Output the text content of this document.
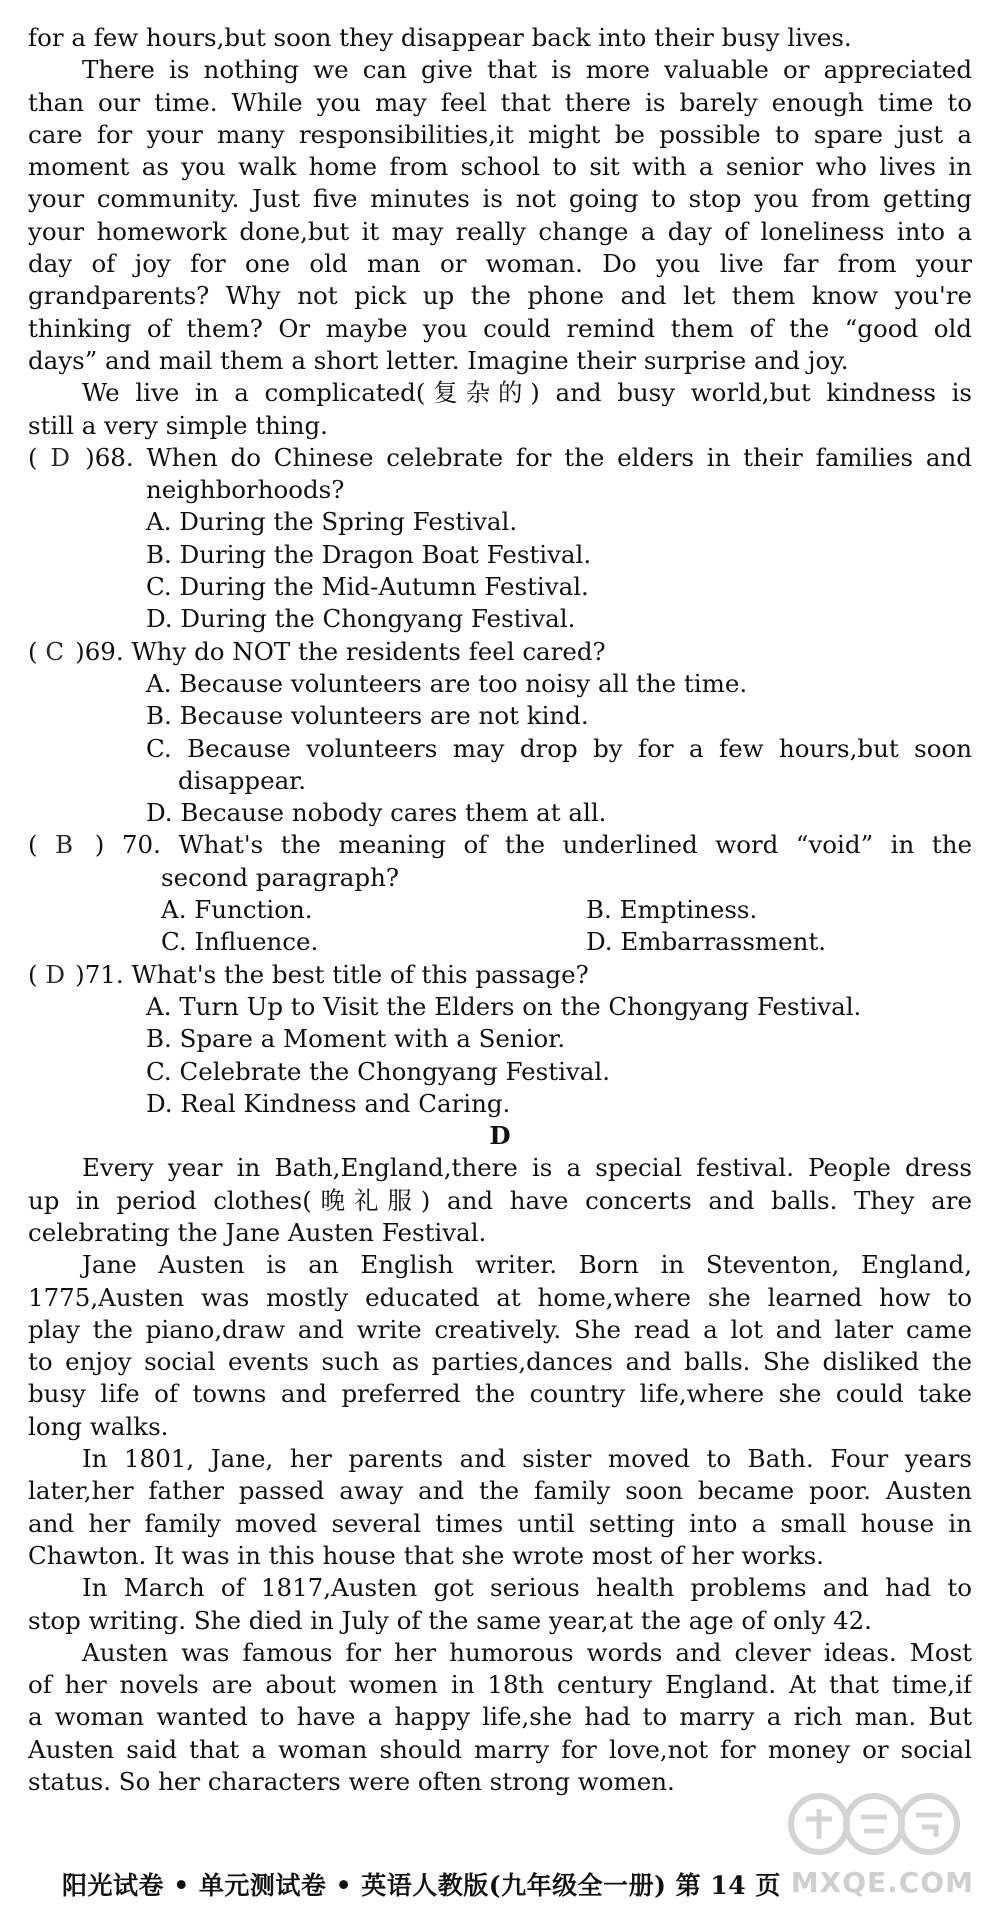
for a few hours,but soon they disappear back into their busy lives.
There is nothing we can give that is more valuable or appreciated
than our time. While you may feel that there is barely enough time to
care for your many responsibilities,it might be possible to spare just a
moment as you walk home from school to sit with a senior who lives in
your community. Just five minutes is not going to stop you from getting
your homework done,but it may really change a day of loneliness into a
day of joy for one old man or woman. Do you live far from your
grandparents? Why not pick up the phone and let them know you're
thinking of them? Or maybe you could remind them of the “good old
days” and mail them a short letter. Imagine their surprise and joy.
We live in a complicated(复杂的) and busy world,but kindness is
still a very simple thing.
( D )68. When do Chinese celebrate for the elders in their families and
neighborhoods?
A. During the Spring Festival.
B. During the Dragon Boat Festival.
C. During the Mid-Autumn Festival.
D. During the Chongyang Festival.
( C )69. Why do NOT the residents feel cared?
A. Because volunteers are too noisy all the time.
B. Because volunteers are not kind.
C. Because volunteers may drop by for a few hours,but soon
disappear.
D. Because nobody cares them at all.
( B ) 70. What's the meaning of the underlined word “void” in the
second paragraph?
A. Function.	B. Emptiness.
C. Influence.	D. Embarrassment.
( D )71. What's the best title of this passage?
A. Turn Up to Visit the Elders on the Chongyang Festival.
B. Spare a Moment with a Senior.
C. Celebrate the Chongyang Festival.
D. Real Kindness and Caring.
D
Every year in Bath,England,there is a special festival. People dress
up in period clothes(晚礼服) and have concerts and balls. They are
celebrating the Jane Austen Festival.
Jane Austen is an English writer. Born in Steventon, England,
1775,Austen was mostly educated at home,where she learned how to
play the piano,draw and write creatively. She read a lot and later came
to enjoy social events such as parties,dances and balls. She disliked the
busy life of towns and preferred the country life,where she could take
long walks.
In 1801, Jane, her parents and sister moved to Bath. Four years
later,her father passed away and the family soon became poor. Austen
and her family moved several times until setting into a small house in
Chawton. It was in this house that she wrote most of her works.
In March of 1817,Austen got serious health problems and had to
stop writing. She died in July of the same year,at the age of only 42.
Austen was famous for her humorous words and clever ideas. Most
of her novels are about women in 18th century England. At that time,if
a woman wanted to have a happy life,she had to marry a rich man. But
Austen said that a woman should marry for love,not for money or social
status. So her characters were often strong women.
阳光试卷 • 单元测试卷 • 英语人教版(九年级全一册) 第 14 页 MXQE.COM
